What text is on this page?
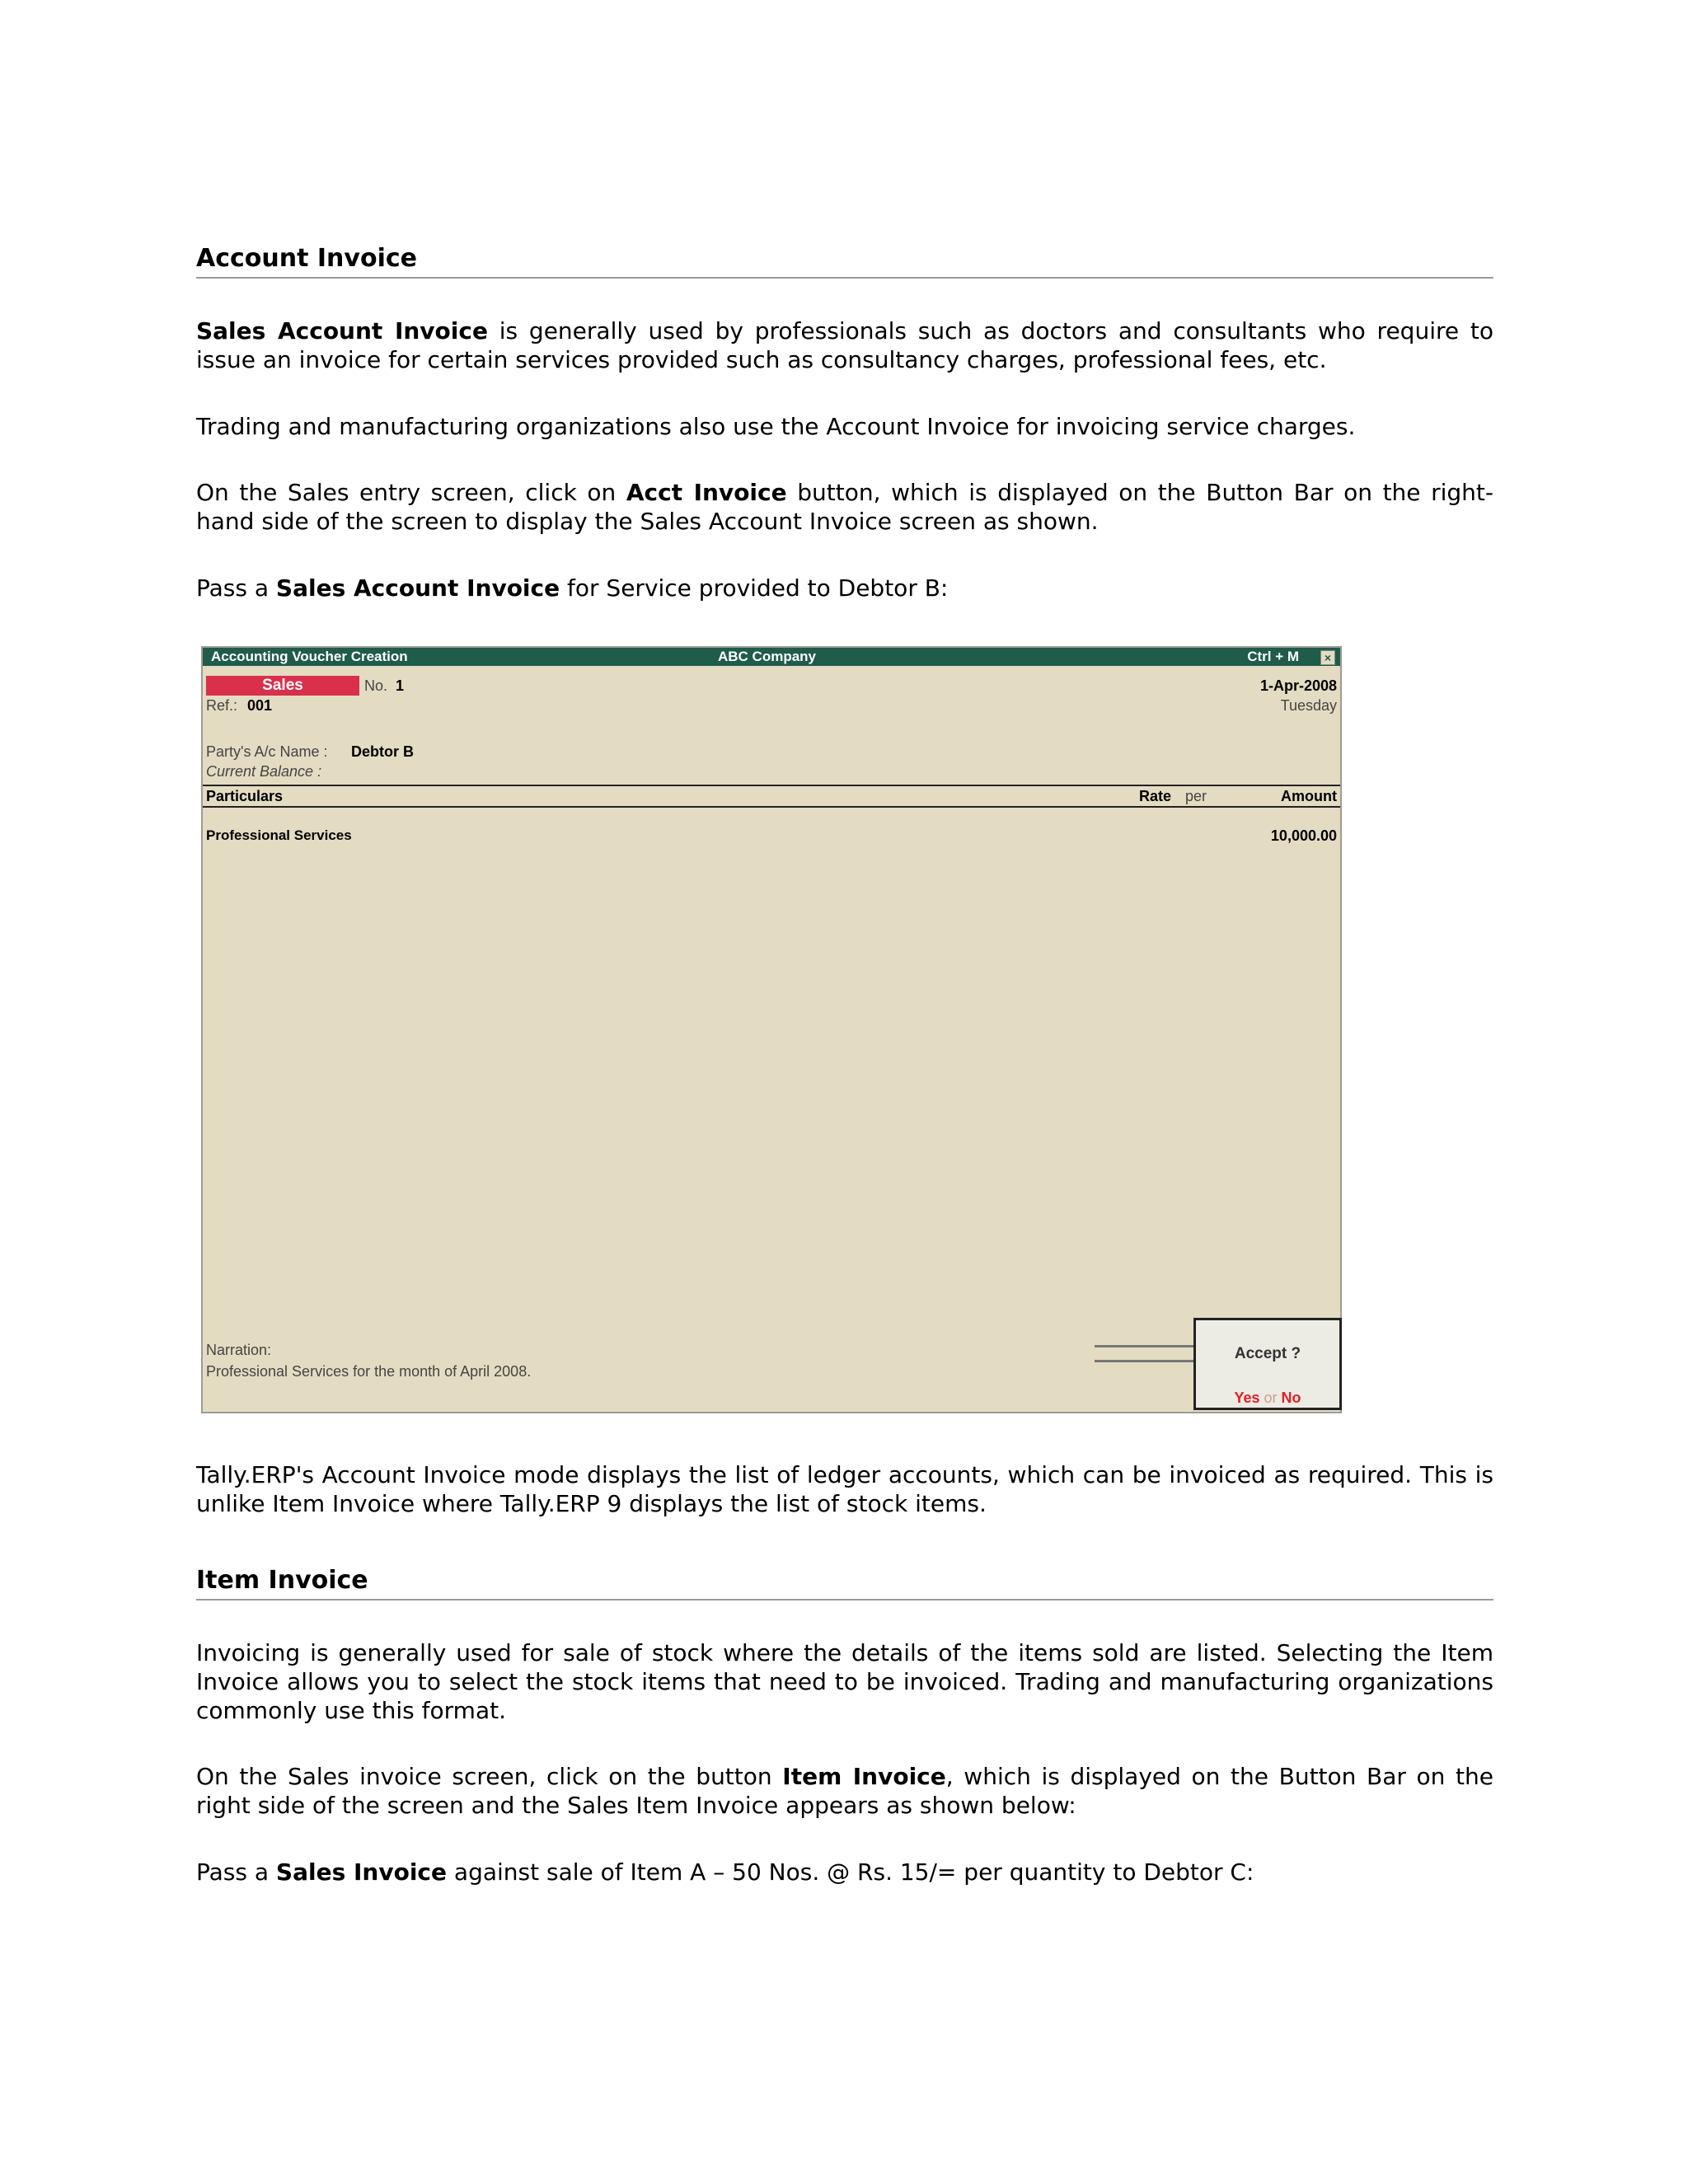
Account Invoice

Sales Account Invoice is generally used by professionals such as doctors and consultants who require to issue an invoice for certain services provided such as consultancy charges, professional fees, etc.

Trading and manufacturing organizations also use the Account Invoice for invoicing service charges.

On the Sales entry screen, click on Acct Invoice button, which is displayed on the Button Bar on the right-hand side of the screen to display the Sales Account Invoice screen as shown.

Pass a Sales Account Invoice for Service provided to Debtor B:

Tally.ERP's Account Invoice mode displays the list of ledger accounts, which can be invoiced as required. This is unlike Item Invoice where Tally.ERP 9 displays the list of stock items.

Item Invoice

Invoicing is generally used for sale of stock where the details of the items sold are listed. Selecting the Item Invoice allows you to select the stock items that need to be invoiced. Trading and manufacturing organizations commonly use this format.

On the Sales invoice screen, click on the button Item Invoice, which is displayed on the Button Bar on the right side of the screen and the Sales Item Invoice appears as shown below:

Pass a Sales Invoice against sale of Item A – 50 Nos. @ Rs. 15/= per quantity to Debtor C:

Accounting Voucher Creation	ABC Company	Ctrl + M	×
Sales	No. 1	1-Apr-2008
Tuesday
Ref.: 001
Party's A/c Name : Debtor B
Current Balance :
Particulars	Rate per	Amount
Professional Services	10,000.00
Narration:
Professional Services for the month of April 2008.
Accept ?
Yes or No
